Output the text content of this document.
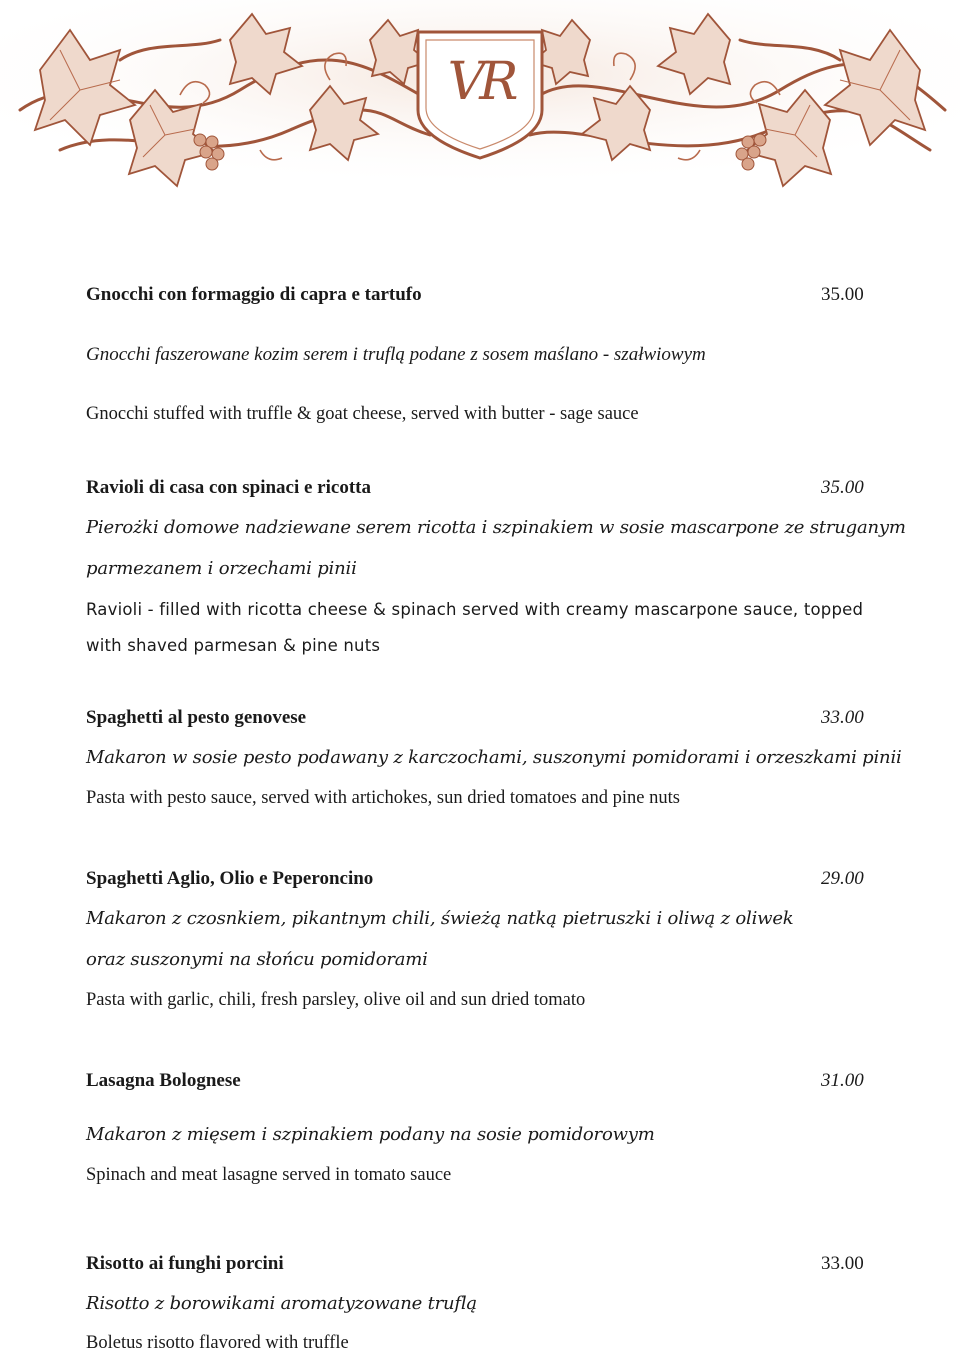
VR
Gnocchi con formaggio di capra e tartufo	35.00
Gnocchi faszerowane kozim serem i truflą podane z sosem maślano - szałwiowym
Gnocchi stuffed with truffle & goat cheese, served with butter - sage sauce
Ravioli di casa con spinaci e ricotta	35.00
Pierożki domowe nadziewane serem ricotta i szpinakiem w sosie mascarpone ze struganym
parmezanem i orzechami pinii
Ravioli - filled with ricotta cheese & spinach served with creamy mascarpone sauce, topped
with shaved parmesan & pine nuts
Spaghetti al pesto genovese	33.00
Makaron w sosie pesto podawany z karczochami, suszonymi pomidorami i orzeszkami pinii
Pasta with pesto sauce, served with artichokes, sun dried tomatoes and pine nuts
Spaghetti Aglio, Olio e Peperoncino	29.00
Makaron z czosnkiem, pikantnym chili, świeżą natką pietruszki i oliwą z oliwek
oraz suszonymi na słońcu pomidorami
Pasta with garlic, chili, fresh parsley, olive oil and sun dried tomato
Lasagna Bolognese	31.00
Makaron z mięsem i szpinakiem podany na sosie pomidorowym
Spinach and meat lasagne served in tomato sauce
Risotto ai funghi porcini	33.00
Risotto z borowikami aromatyzowane truflą
Boletus risotto flavored with truffle
